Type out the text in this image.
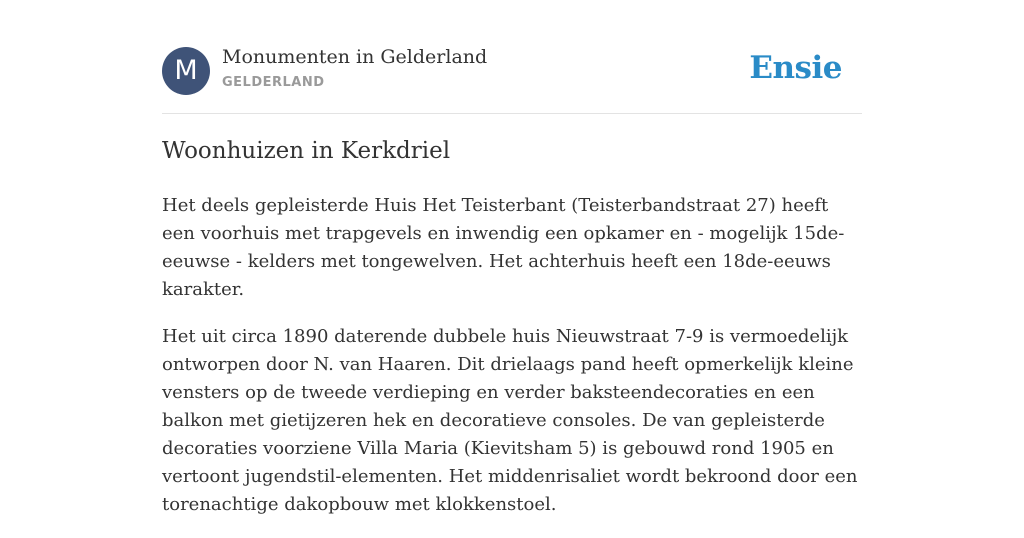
M	Monumenten in Gelderland
GELDERLAND	Ensie
Woonhuizen in Kerkdriel

Het deels gepleisterde Huis Het Teisterbant (Teisterbandstraat 27) heeft een voorhuis met trapgevels en inwendig een opkamer en - mogelijk 15de-eeuwse - kelders met tongewelven. Het achterhuis heeft een 18de-eeuws karakter.

Het uit circa 1890 daterende dubbele huis Nieuwstraat 7-9 is vermoedelijk ontworpen door N. van Haaren. Dit drielaags pand heeft opmerkelijk kleine vensters op de tweede verdieping en verder baksteendecoraties en een balkon met gietijzeren hek en decoratieve consoles. De van gepleisterde decoraties voorziene Villa Maria (Kievitsham 5) is gebouwd rond 1905 en vertoont jugendstil-elementen. Het middenrisaliet wordt bekroond door een torenachtige dakopbouw met klokkenstoel.
